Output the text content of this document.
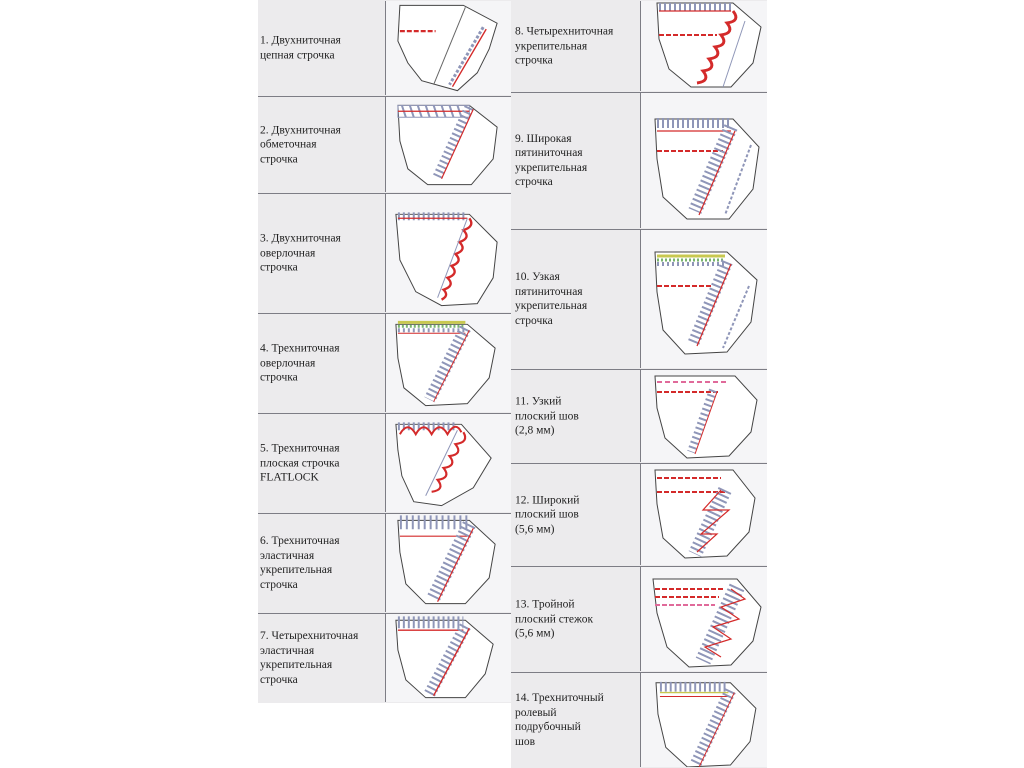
1. Двухниточная
цепная строчка
2. Двухниточная
обметочная
строчка
3. Двухниточная
оверлочная
строчка
4. Трехниточная
оверлочная
строчка
5. Трехниточная
плоская строчка
FLATLOCK
6. Трехниточная
эластичная
укрепительная
строчка
7. Четырехниточная
эластичная
укрепительная
строчка
8. Четырехниточная
укрепительная
строчка
9. Широкая
пятиниточная
укрепительная
строчка
10. Узкая
пятиниточная
укрепительная
строчка
11. Узкий
плоский шов
(2,8 мм)
12. Широкий
плоский шов
(5,6 мм)
13. Тройной
плоский стежок
(5,6 мм)
14. Трехниточный
ролевый
подрубочный
шов
